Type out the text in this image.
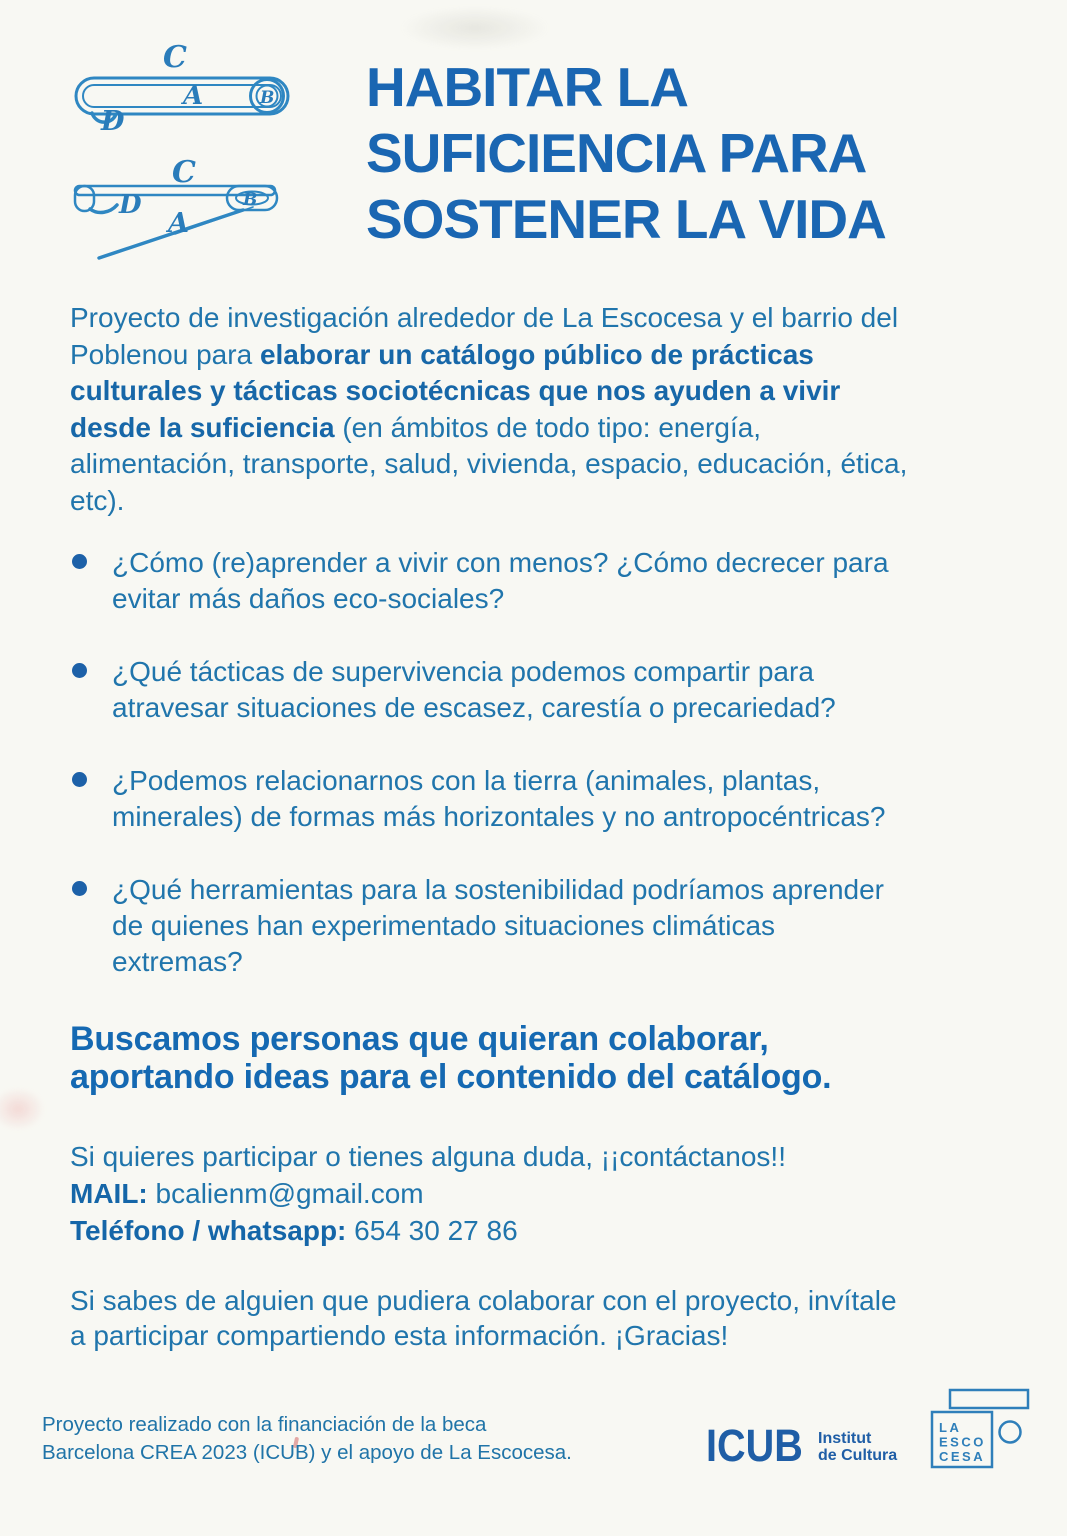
C
A	B
D
C
D
A
B
HABITAR LA
SUFICIENCIA PARA
SOSTENER LA VIDA

Proyecto de investigación alrededor de La Escocesa y el barrio del
Poblenou para elaborar un catálogo público de prácticas
culturales y tácticas sociotécnicas que nos ayuden a vivir
desde la suficiencia (en ámbitos de todo tipo: energía,
alimentación, transporte, salud, vivienda, espacio, educación, ética,
etc).

¿Cómo (re)aprender a vivir con menos? ¿Cómo decrecer para
evitar más daños eco-sociales?
¿Qué tácticas de supervivencia podemos compartir para
atravesar situaciones de escasez, carestía o precariedad?
¿Podemos relacionarnos con la tierra (animales, plantas,
minerales) de formas más horizontales y no antropocéntricas?
¿Qué herramientas para la sostenibilidad podríamos aprender
de quienes han experimentado situaciones climáticas
extremas?
Buscamos personas que quieran colaborar,
aportando ideas para el contenido del catálogo.
Si quieres participar o tienes alguna duda, ¡¡contáctanos!!
MAIL: bcalienm@gmail.com
Teléfono / whatsapp: 654 30 27 86
Si sabes de alguien que pudiera colaborar con el proyecto, invítale
a participar compartiendo esta información. ¡Gracias!
Proyecto realizado con la financiación de la beca
Barcelona CREA 2023 (ICUB) y el apoyo de La Escocesa.	ICUB Institut
de Cultura
LA
ESCO
CESA
